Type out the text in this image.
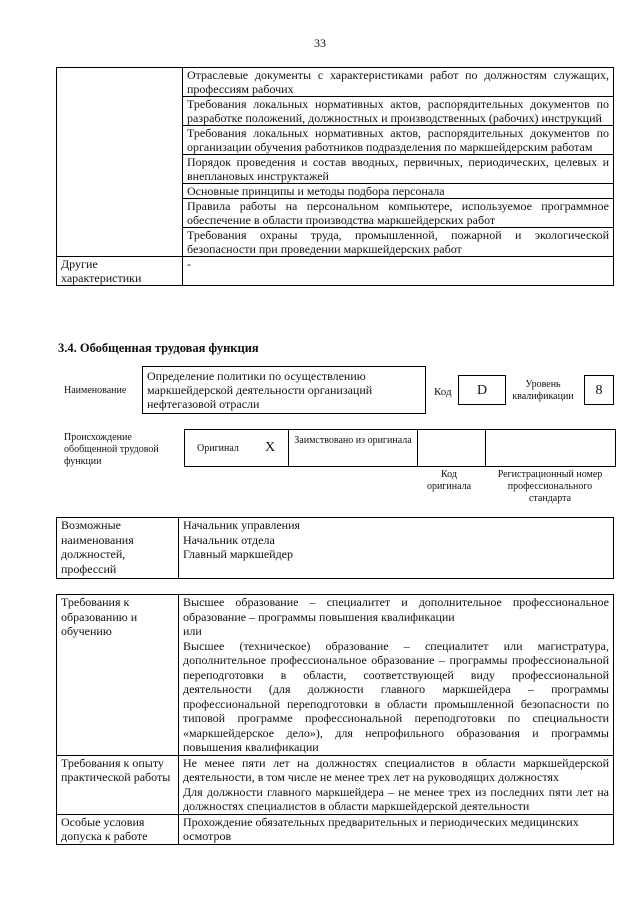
33
	Отраслевые документы с характеристиками работ по должностям служащих, профессиям рабочих
	Требования локальных нормативных актов, распорядительных документов по разработке положений, должностных и производственных (рабочих) инструкций
	Требования локальных нормативных актов, распорядительных документов по организации обучения работников подразделения по маркшейдерским работам
	Порядок проведения и состав вводных, первичных, периодических, целевых и внеплановых инструктажей
	Основные принципы и методы подбора персонала
	Правила работы на персональном компьютере, используемое программное обеспечение в области производства маркшейдерских работ
	Требования охраны труда, промышленной, пожарной и экологической безопасности при проведении маркшейдерских работ
Другие характеристики	-
3.4. Обобщенная трудовая функция
Наименование
Определение политики по осуществлению маркшейдерской деятельности организаций нефтегазовой отрасли
Код	D	Уровень квалификации	8
Происхождение обобщенной трудовой функции
Оригинал X Заимствовано из оригинала
Код оригинала
Регистрационный номер профессионального стандарта
Возможные наименования должностей, профессий	
Начальник управления
Начальник отдела
Главный маркшейдер
Требования к образованию и обучению	Высшее образование – специалитет и дополнительное профессиональное образование – программы повышения квалификации
или
Высшее (техническое) образование – специалитет или магистратура, дополнительное профессиональное образование – программы профессиональной переподготовки в области, соответствующей виду профессиональной деятельности (для должности главного маркшейдера – программы профессиональной переподготовки в области промышленной безопасности по типовой программе профессиональной переподготовки по специальности «маркшейдерское дело»), для непрофильного образования и программы повышения квалификации

Требования к опыту практической работы	Не менее пяти лет на должностях специалистов в области маркшейдерской деятельности, в том числе не менее трех лет на руководящих должностях
Для должности главного маркшейдера – не менее трех из последних пяти лет на должностях специалистов в области маркшейдерской деятельности

Особые условия допуска к работе	Прохождение обязательных предварительных и периодических медицинских осмотров
